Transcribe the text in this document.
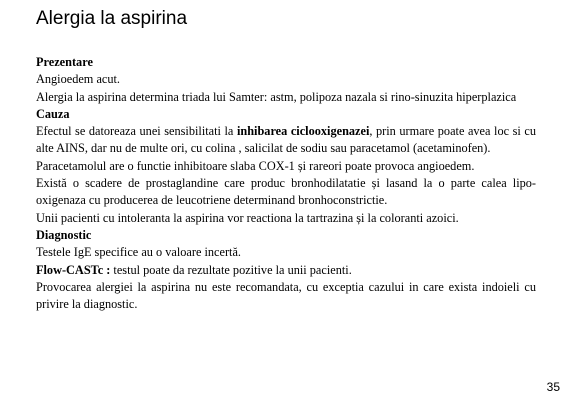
Alergia la aspirina

Prezentare

Angioedem acut.

Alergia la aspirina determina triada lui Samter: astm, polipoza nazala si rino-sinuzita hiperplazica

Cauza

Efectul se datoreaza unei sensibilitati la inhibarea ciclooxigenazei, prin urmare poate avea loc si cu alte AINS, dar nu de multe ori, cu colina , salicilat de sodiu sau paracetamol (acetaminofen).

Paracetamolul are o functie inhibitoare slaba COX-1 și rareori poate provoca angioedem.

Există o scadere de prostaglandine care produc bronhodilatatie și lasand la o parte calea lipo-oxigenaza cu producerea de leucotriene determinand bronhoconstrictie.

Unii pacienti cu intoleranta la aspirina vor reactiona la tartrazina și la coloranti azoici.

Diagnostic

Testele IgE specifice au o valoare incertă.

Flow-CASTc : testul poate da rezultate pozitive la unii pacienti.

Provocarea alergiei la aspirina nu este recomandata, cu exceptia cazului in care exista indoieli cu privire la diagnostic.

35
